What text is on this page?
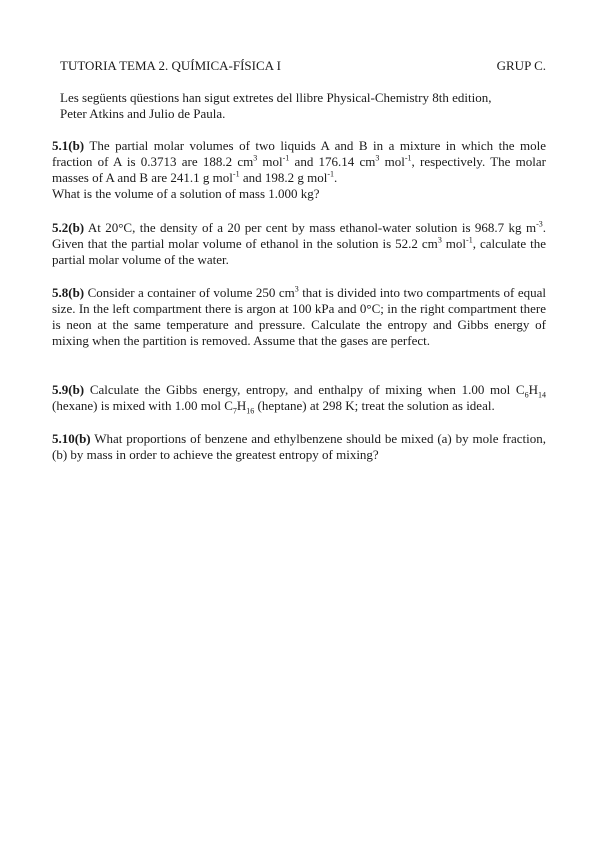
TUTORIA TEMA 2. QUÍMICA-FÍSICA I	GRUP C.

Les següents qüestions han sigut extretes del llibre Physical-Chemistry 8th edition,
Peter Atkins and Julio de Paula.

5.1(b) The partial molar volumes of two liquids A and B in a mixture in which the mole fraction of A is 0.3713 are 188.2 $cm^3$ mol$^{-1}$ and 176.14 $cm^3$ mol$^{-1}$, respectively. The molar masses of A and B are 241.1 g mol$^{-1}$ and 198.2 g mol$^{-1}$.
What is the volume of a solution of mass 1.000 kg?

5.2(b) At 20°C, the density of a 20 per cent by mass ethanol-water solution is 968.7 kg $m^{-3}$. Given that the partial molar volume of ethanol in the solution is 52.2 $cm^3$ mol$^{-1}$, calculate the partial molar volume of the water.

5.8(b) Consider a container of volume 250 $cm^3$ that is divided into two compartments of equal size. In the left compartment there is argon at 100 kPa and 0°C; in the right compartment there is neon at the same temperature and pressure. Calculate the entropy and Gibbs energy of mixing when the partition is removed. Assume that the gases are perfect.

5.9(b) Calculate the Gibbs energy, entropy, and enthalpy of mixing when 1.00 mol $C_6H_{14}$ (hexane) is mixed with 1.00 mol $C_7H_{16}$ (heptane) at 298 K; treat the solution as ideal.

5.10(b) What proportions of benzene and ethylbenzene should be mixed (a) by mole fraction, (b) by mass in order to achieve the greatest entropy of mixing?
